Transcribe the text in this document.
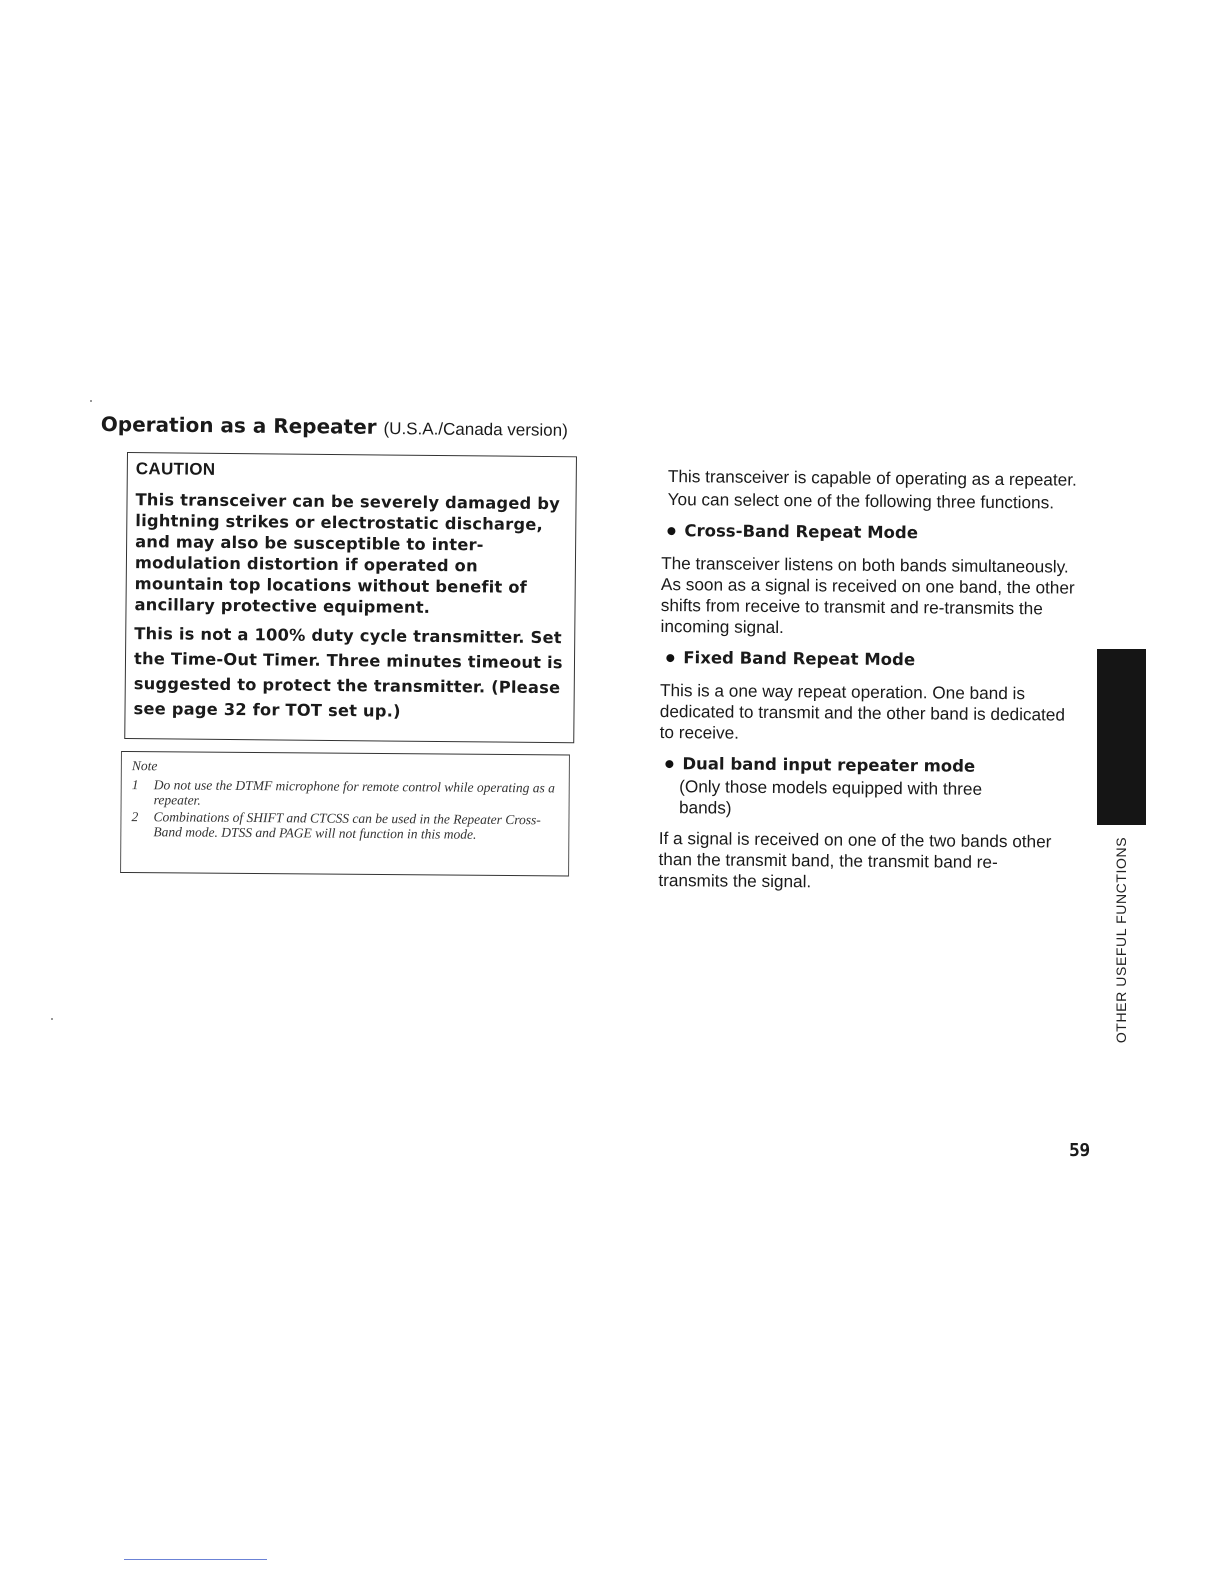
Operation as a Repeater (U.S.A./Canada version)
CAUTION

This transceiver can be severely damaged by lightning strikes or electrostatic discharge, and may also be susceptible to inter-modulation distortion if operated on mountain top locations without benefit of ancillary protective equipment.

This is not a 100% duty cycle transmitter. Set the Time-Out Timer. Three minutes timeout is suggested to protect the transmitter. (Please see page 32 for TOT set up.)

Note
1	Do not use the DTMF microphone for remote control while operating as a repeater.
2	Combinations of SHIFT and CTCSS can be used in the Repeater Cross-Band mode. DTSS and PAGE will not function in this mode.

This transceiver is capable of operating as a repeater.

You can select one of the following three functions.

Cross-Band Repeat Mode

The transceiver listens on both bands simultaneously. As soon as a signal is received on one band, the other shifts from receive to transmit and re-transmits the incoming signal.

Fixed Band Repeat Mode

This is a one way repeat operation. One band is dedicated to transmit and the other band is dedicated to receive.

Dual band input repeater mode

(Only those models equipped with three bands)

If a signal is received on one of the two bands other than the transmit band, the transmit band re-transmits the signal.	OTHER USEFUL FUNCTIONS
59
